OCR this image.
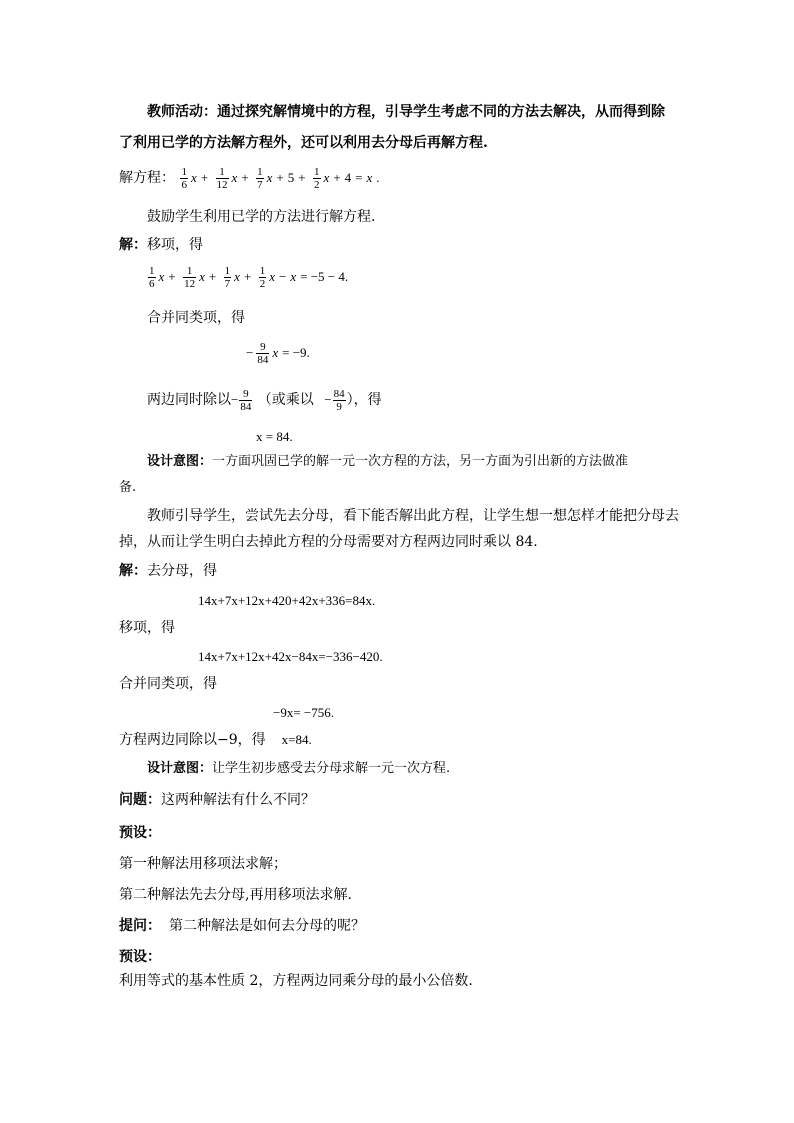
教师活动：通过探究解情境中的方程，引导学生考虑不同的方法去解决，从而得到除
了利用已学的方法解方程外，还可以利用去分母后再解方程.
解方程： $\frac{1}{6}$ $x + \frac{1}{12}$ $x + \frac{1}{7}$ $x + 5 + \frac{1}{2}$ x + 4 = x .
鼓励学生利用已学的方法进行解方程.
解：移项，得
$\frac{1}{6}$ $x + \frac{1}{12}$ $x + \frac{1}{7}$ $x + \frac{1}{2}$ x − x = −5 − 4.
合并同类项，得
− $\frac{9}{84}$ x = −9.
两边同时除以− $\frac{9}{84}$ （或乘以 − $\frac{84}{9}$ ），得
x = 84.
设计意图：一方面巩固已学的解一元一次方程的方法，另一方面为引出新的方法做准
备.
教师引导学生，尝试先去分母，看下能否解出此方程，让学生想一想怎样才能把分母去
掉，从而让学生明白去掉此方程的分母需要对方程两边同时乘以 84.
解：去分母，得
14x+7x+12x+420+42x+336=84x.
移项，得
14x+7x+12x+42x−84x=−336−420.
合并同类项，得
−9x= −756.
方程两边同除以−9，得 x=84.
设计意图：让学生初步感受去分母求解一元一次方程.
问题：这两种解法有什么不同？
预设：
第一种解法用移项法求解；
第二种解法先去分母,再用移项法求解.
提问： 第二种解法是如何去分母的呢？
预设：
利用等式的基本性质 2，方程两边同乘分母的最小公倍数.
